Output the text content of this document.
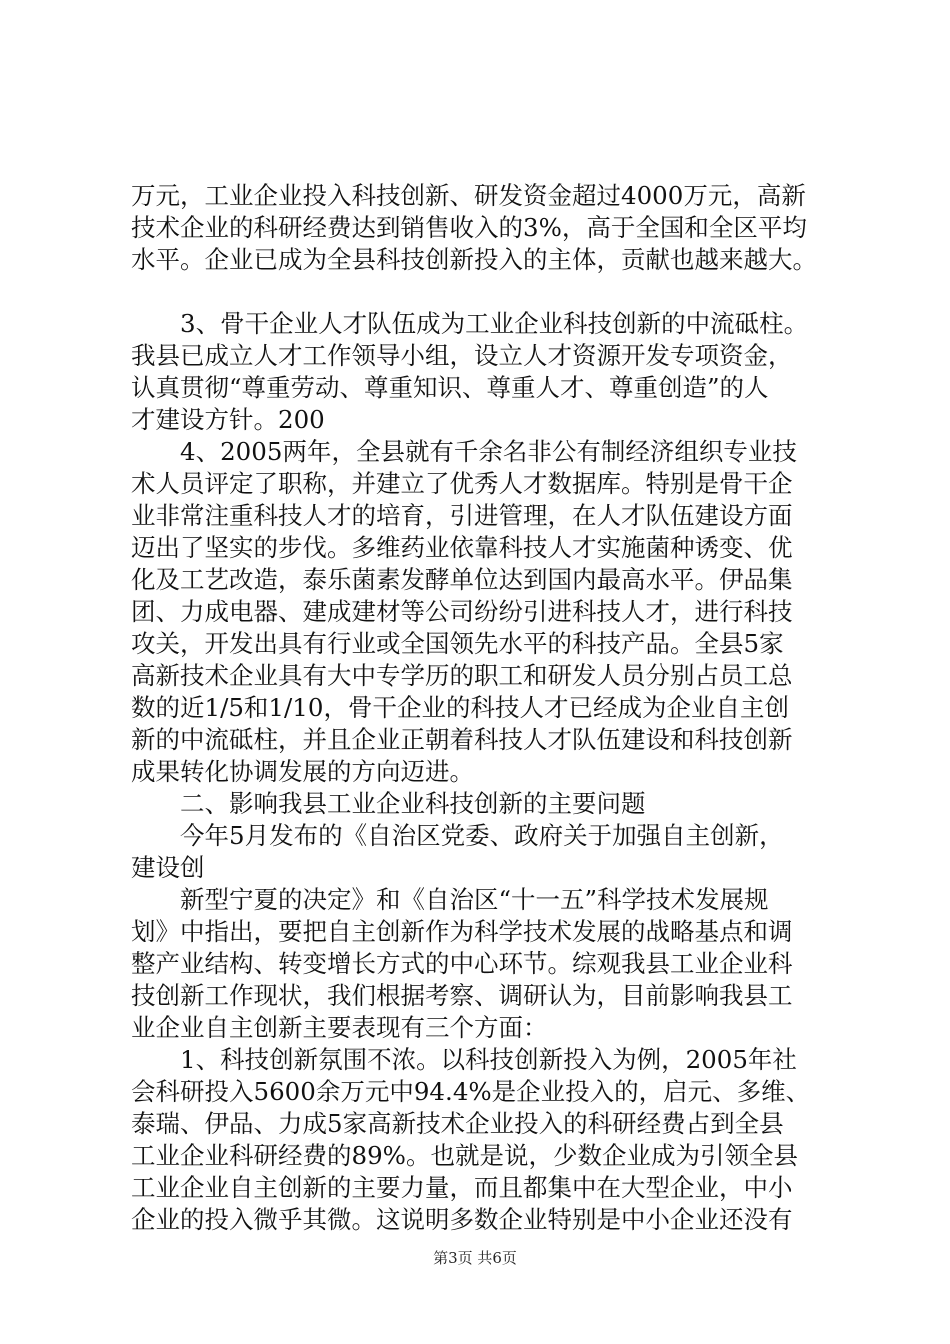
万元，工业企业投入科技创新、研发资金超过4000万元，高新
技术企业的科研经费达到销售收入的3%，高于全国和全区平均
水平。企业已成为全县科技创新投入的主体，贡献也越来越大。
3、骨干企业人才队伍成为工业企业科技创新的中流砥柱。
我县已成立人才工作领导小组，设立人才资源开发专项资金，
认真贯彻“尊重劳动、尊重知识、尊重人才、尊重创造”的人
才建设方针。200
4、2005两年，全县就有千余名非公有制经济组织专业技
术人员评定了职称，并建立了优秀人才数据库。特别是骨干企
业非常注重科技人才的培育，引进管理，在人才队伍建设方面
迈出了坚实的步伐。多维药业依靠科技人才实施菌种诱变、优
化及工艺改造，泰乐菌素发酵单位达到国内最高水平。伊品集
团、力成电器、建成建材等公司纷纷引进科技人才，进行科技
攻关，开发出具有行业或全国领先水平的科技产品。全县5家
高新技术企业具有大中专学历的职工和研发人员分别占员工总
数的近1/5和1/10，骨干企业的科技人才已经成为企业自主创
新的中流砥柱，并且企业正朝着科技人才队伍建设和科技创新
成果转化协调发展的方向迈进。
二、影响我县工业企业科技创新的主要问题
今年5月发布的《自治区党委、政府关于加强自主创新，
建设创
新型宁夏的决定》和《自治区“十一五”科学技术发展规
划》中指出，要把自主创新作为科学技术发展的战略基点和调
整产业结构、转变增长方式的中心环节。综观我县工业企业科
技创新工作现状，我们根据考察、调研认为，目前影响我县工
业企业自主创新主要表现有三个方面：
1、科技创新氛围不浓。以科技创新投入为例，2005年社
会科研投入5600余万元中94.4%是企业投入的，启元、多维、
泰瑞、伊品、力成5家高新技术企业投入的科研经费占到全县
工业企业科研经费的89%。也就是说，少数企业成为引领全县
工业企业自主创新的主要力量，而且都集中在大型企业，中小
企业的投入微乎其微。这说明多数企业特别是中小企业还没有
第3页 共6页
